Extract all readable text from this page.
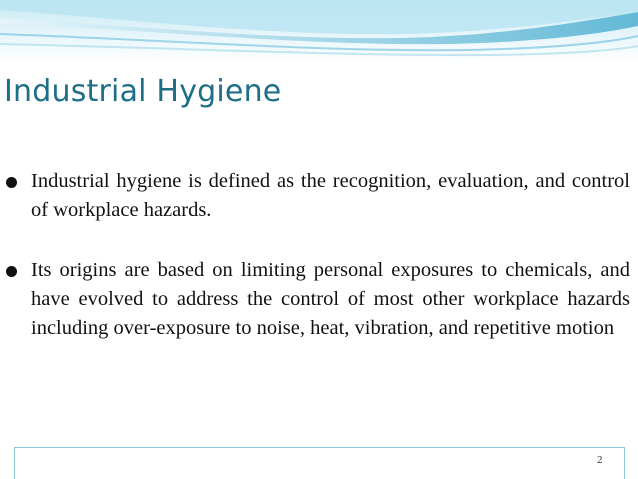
Industrial Hygiene
Industrial hygiene is defined as the recognition, evaluation, and control of workplace hazards.
Its origins are based on limiting personal exposures to chemicals, and have evolved to address the control of most other workplace hazards including over-exposure to noise, heat, vibration, and repetitive motion
2
